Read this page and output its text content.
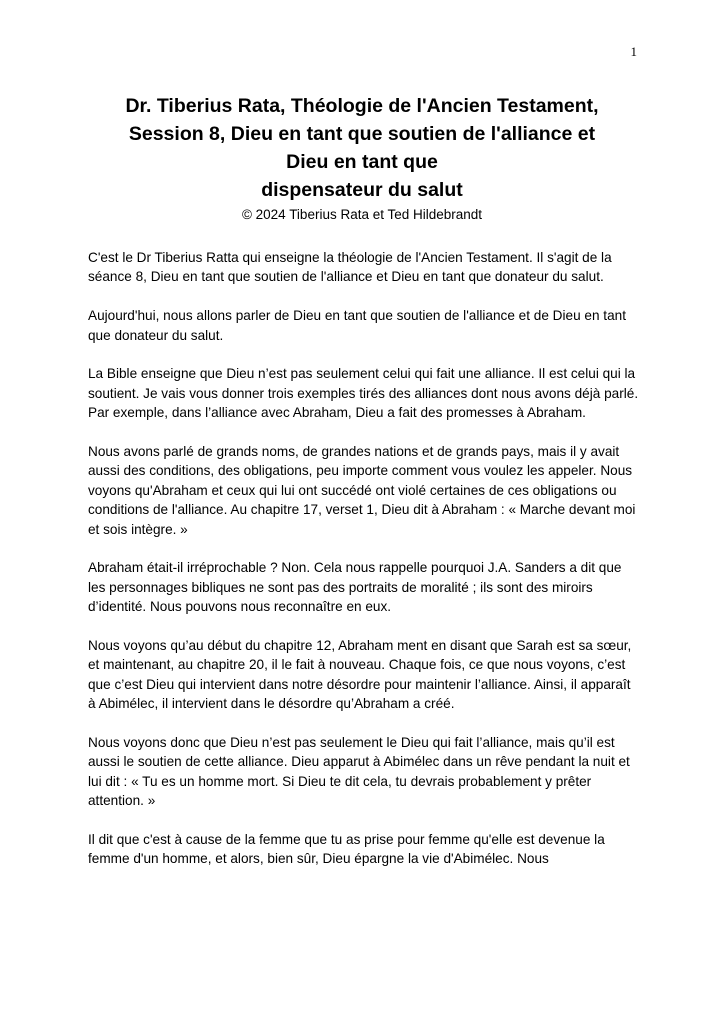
1
Dr. Tiberius Rata, Théologie de l'Ancien Testament,
Session 8, Dieu en tant que soutien de l'alliance et
Dieu en tant que
dispensateur du salut
© 2024 Tiberius Rata et Ted Hildebrandt

C'est le Dr Tiberius Ratta qui enseigne la théologie de l'Ancien Testament. Il s'agit de la séance 8, Dieu en tant que soutien de l'alliance et Dieu en tant que donateur du salut.

Aujourd'hui, nous allons parler de Dieu en tant que soutien de l'alliance et de Dieu en tant que donateur du salut.

La Bible enseigne que Dieu n’est pas seulement celui qui fait une alliance. Il est celui qui la soutient. Je vais vous donner trois exemples tirés des alliances dont nous avons déjà parlé. Par exemple, dans l’alliance avec Abraham, Dieu a fait des promesses à Abraham.

Nous avons parlé de grands noms, de grandes nations et de grands pays, mais il y avait aussi des conditions, des obligations, peu importe comment vous voulez les appeler. Nous voyons qu'Abraham et ceux qui lui ont succédé ont violé certaines de ces obligations ou conditions de l'alliance. Au chapitre 17, verset 1, Dieu dit à Abraham : « Marche devant moi et sois intègre. »

Abraham était-il irréprochable ? Non. Cela nous rappelle pourquoi J.A. Sanders a dit que les personnages bibliques ne sont pas des portraits de moralité ; ils sont des miroirs d’identité. Nous pouvons nous reconnaître en eux.

Nous voyons qu’au début du chapitre 12, Abraham ment en disant que Sarah est sa sœur, et maintenant, au chapitre 20, il le fait à nouveau. Chaque fois, ce que nous voyons, c’est que c’est Dieu qui intervient dans notre désordre pour maintenir l’alliance. Ainsi, il apparaît à Abimélec, il intervient dans le désordre qu’Abraham a créé.

Nous voyons donc que Dieu n’est pas seulement le Dieu qui fait l’alliance, mais qu’il est aussi le soutien de cette alliance. Dieu apparut à Abimélec dans un rêve pendant la nuit et lui dit : « Tu es un homme mort. Si Dieu te dit cela, tu devrais probablement y prêter attention. »

Il dit que c'est à cause de la femme que tu as prise pour femme qu'elle est devenue la femme d'un homme, et alors, bien sûr, Dieu épargne la vie d'Abimélec. Nous
